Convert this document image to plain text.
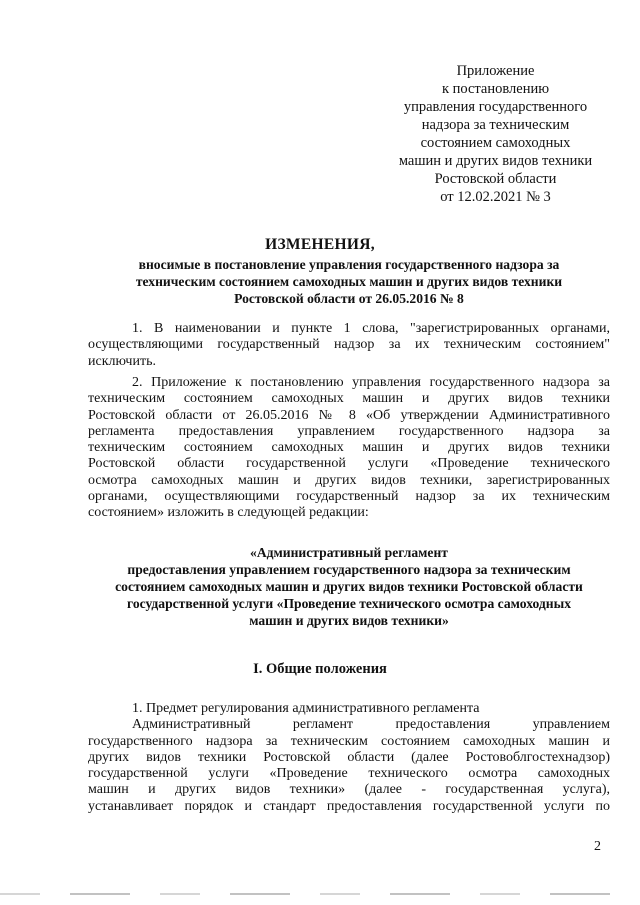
Приложение
к постановлению
управления государственного
надзора за техническим
состоянием самоходных
машин и других видов техники
Ростовской области
от 12.02.2021 № 3
ИЗМЕНЕНИЯ,
вносимые в постановление управления государственного надзора за
техническим состоянием самоходных машин и других видов техники
Ростовской области от 26.05.2016 № 8
1. В наименовании и пункте 1 слова, "зарегистрированных органами,
осуществляющими государственный надзор за их техническим состоянием"
исключить.
2. Приложение к постановлению управления государственного надзора за
техническим состоянием самоходных машин и других видов техники
Ростовской области от 26.05.2016 № 8 «Об утверждении Административного
регламента предоставления управлением государственного надзора за
техническим состоянием самоходных машин и других видов техники
Ростовской области государственной услуги «Проведение технического
осмотра самоходных машин и других видов техники, зарегистрированных
органами, осуществляющими государственный надзор за их техническим
состоянием» изложить в следующей редакции:
«Административный регламент
предоставления управлением государственного надзора за техническим
состоянием самоходных машин и других видов техники Ростовской области
государственной услуги «Проведение технического осмотра самоходных
машин и других видов техники»
I. Общие положения
1. Предмет регулирования административного регламента
Административный регламент предоставления управлением
государственного надзора за техническим состоянием самоходных машин и
других видов техники Ростовской области (далее Ростовоблгостехнадзор)
государственной услуги «Проведение технического осмотра самоходных
машин и других видов техники» (далее - государственная услуга),
устанавливает порядок и стандарт предоставления государственной услуги по
2
